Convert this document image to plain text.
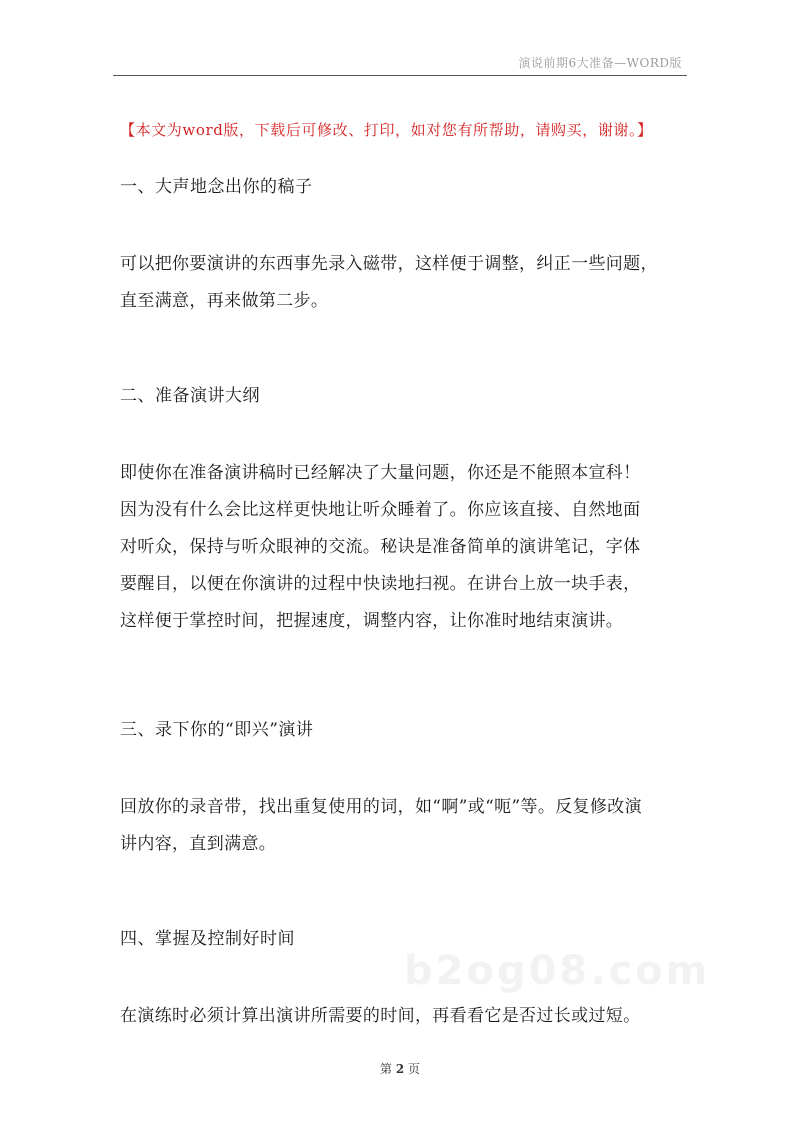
演说前期6大准备—WORD版
【本文为word版，下载后可修改、打印，如对您有所帮助，请购买，谢谢。】
一、大声地念出你的稿子

可以把你要演讲的东西事先录入磁带，这样便于调整，纠正一些问题，

直至满意，再来做第二步。

二、准备演讲大纲

即使你在准备演讲稿时已经解决了大量问题，你还是不能照本宣科！

因为没有什么会比这样更快地让听众睡着了。你应该直接、自然地面

对听众，保持与听众眼神的交流。秘诀是准备简单的演讲笔记，字体

要醒目，以便在你演讲的过程中快读地扫视。在讲台上放一块手表，

这样便于掌控时间，把握速度，调整内容，让你准时地结束演讲。

三、录下你的“即兴”演讲

回放你的录音带，找出重复使用的词，如“啊”或“呃”等。反复修改演

讲内容，直到满意。

四、掌握及控制好时间
b2og08.com

在演练时必须计算出演讲所需要的时间，再看看它是否过长或过短。

第 2 页
